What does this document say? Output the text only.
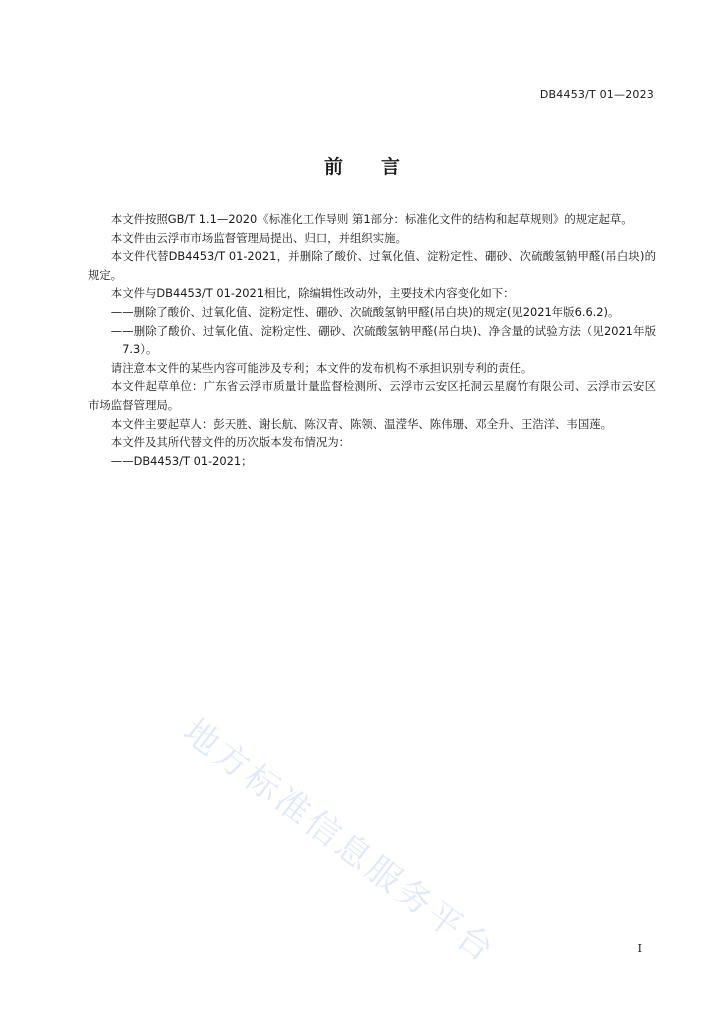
DB4453/T 01—2023
前言

本文件按照GB/T 1.1—2020《标准化工作导则 第1部分：标准化文件的结构和起草规则》的规定起草。

本文件由云浮市市场监督管理局提出、归口，并组织实施。

本文件代替DB4453/T 01-2021，并删除了酸价、过氧化值、淀粉定性、硼砂、次硫酸氢钠甲醛(吊白块)的规定。

本文件与DB4453/T 01-2021相比，除编辑性改动外，主要技术内容变化如下：

——删除了酸价、过氧化值、淀粉定性、硼砂、次硫酸氢钠甲醛(吊白块)的规定(见2021年版6.6.2)。

——删除了酸价、过氧化值、淀粉定性、硼砂、次硫酸氢钠甲醛(吊白块)、净含量的试验方法（见2021年版7.3）。

请注意本文件的某些内容可能涉及专利；本文件的发布机构不承担识别专利的责任。

本文件起草单位：广东省云浮市质量计量监督检测所、云浮市云安区托洞云星腐竹有限公司、云浮市云安区市场监督管理局。

本文件主要起草人：彭天胜、谢长航、陈汉青、陈领、温滢华、陈伟珊、邓全升、王浩洋、韦国莲。

本文件及其所代替文件的历次版本发布情况为：

——DB4453/T 01-2021；

地方标准信息服务平台	I
